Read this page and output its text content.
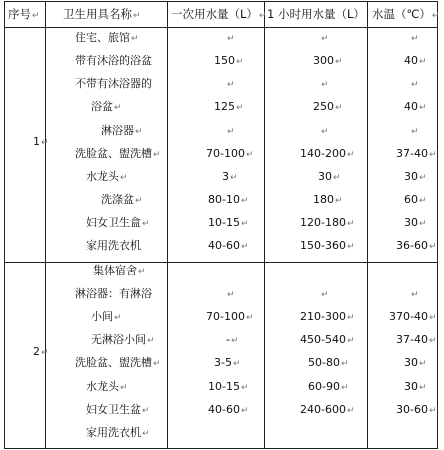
序号↵ 卫生用具名称↵	一次用水量（L）↵ 1 小时用水量（L） 水温（℃）↵
1↵
住宅、旅馆↵	↵	↵	↵
带有沐浴的浴盆	150↵	300↵	40↵
不带有沐浴器的	↵	↵	↵
浴盆↵	125↵	250↵	40↵
淋浴器↵	↵	↵	↵
洗脸盆、盥洗槽↵	70-100↵	140-200↵	37-40↵
水龙头↵	3↵	30↵	30↵
洗涤盆↵	80-10↵	180↵	60↵
妇女卫生盒↵	10-15↵	120-180↵	30↵
家用洗衣机	40-60↵	150-360↵	36-60↵
2↵
集体宿舍↵
淋浴器：有淋浴	↵	↵	↵
小间↵	70-100↵	210-300↵	370-40↵
无淋浴小间↵	-↵	450-540↵	37-40↵
洗脸盆、盥洗槽↵	3-5↵	50-80↵	30↵
水龙头↵	10-15↵	60-90↵	30↵
妇女卫生盆↵	40-60↵	240-600↵	30-60↵
家用洗衣机↵
